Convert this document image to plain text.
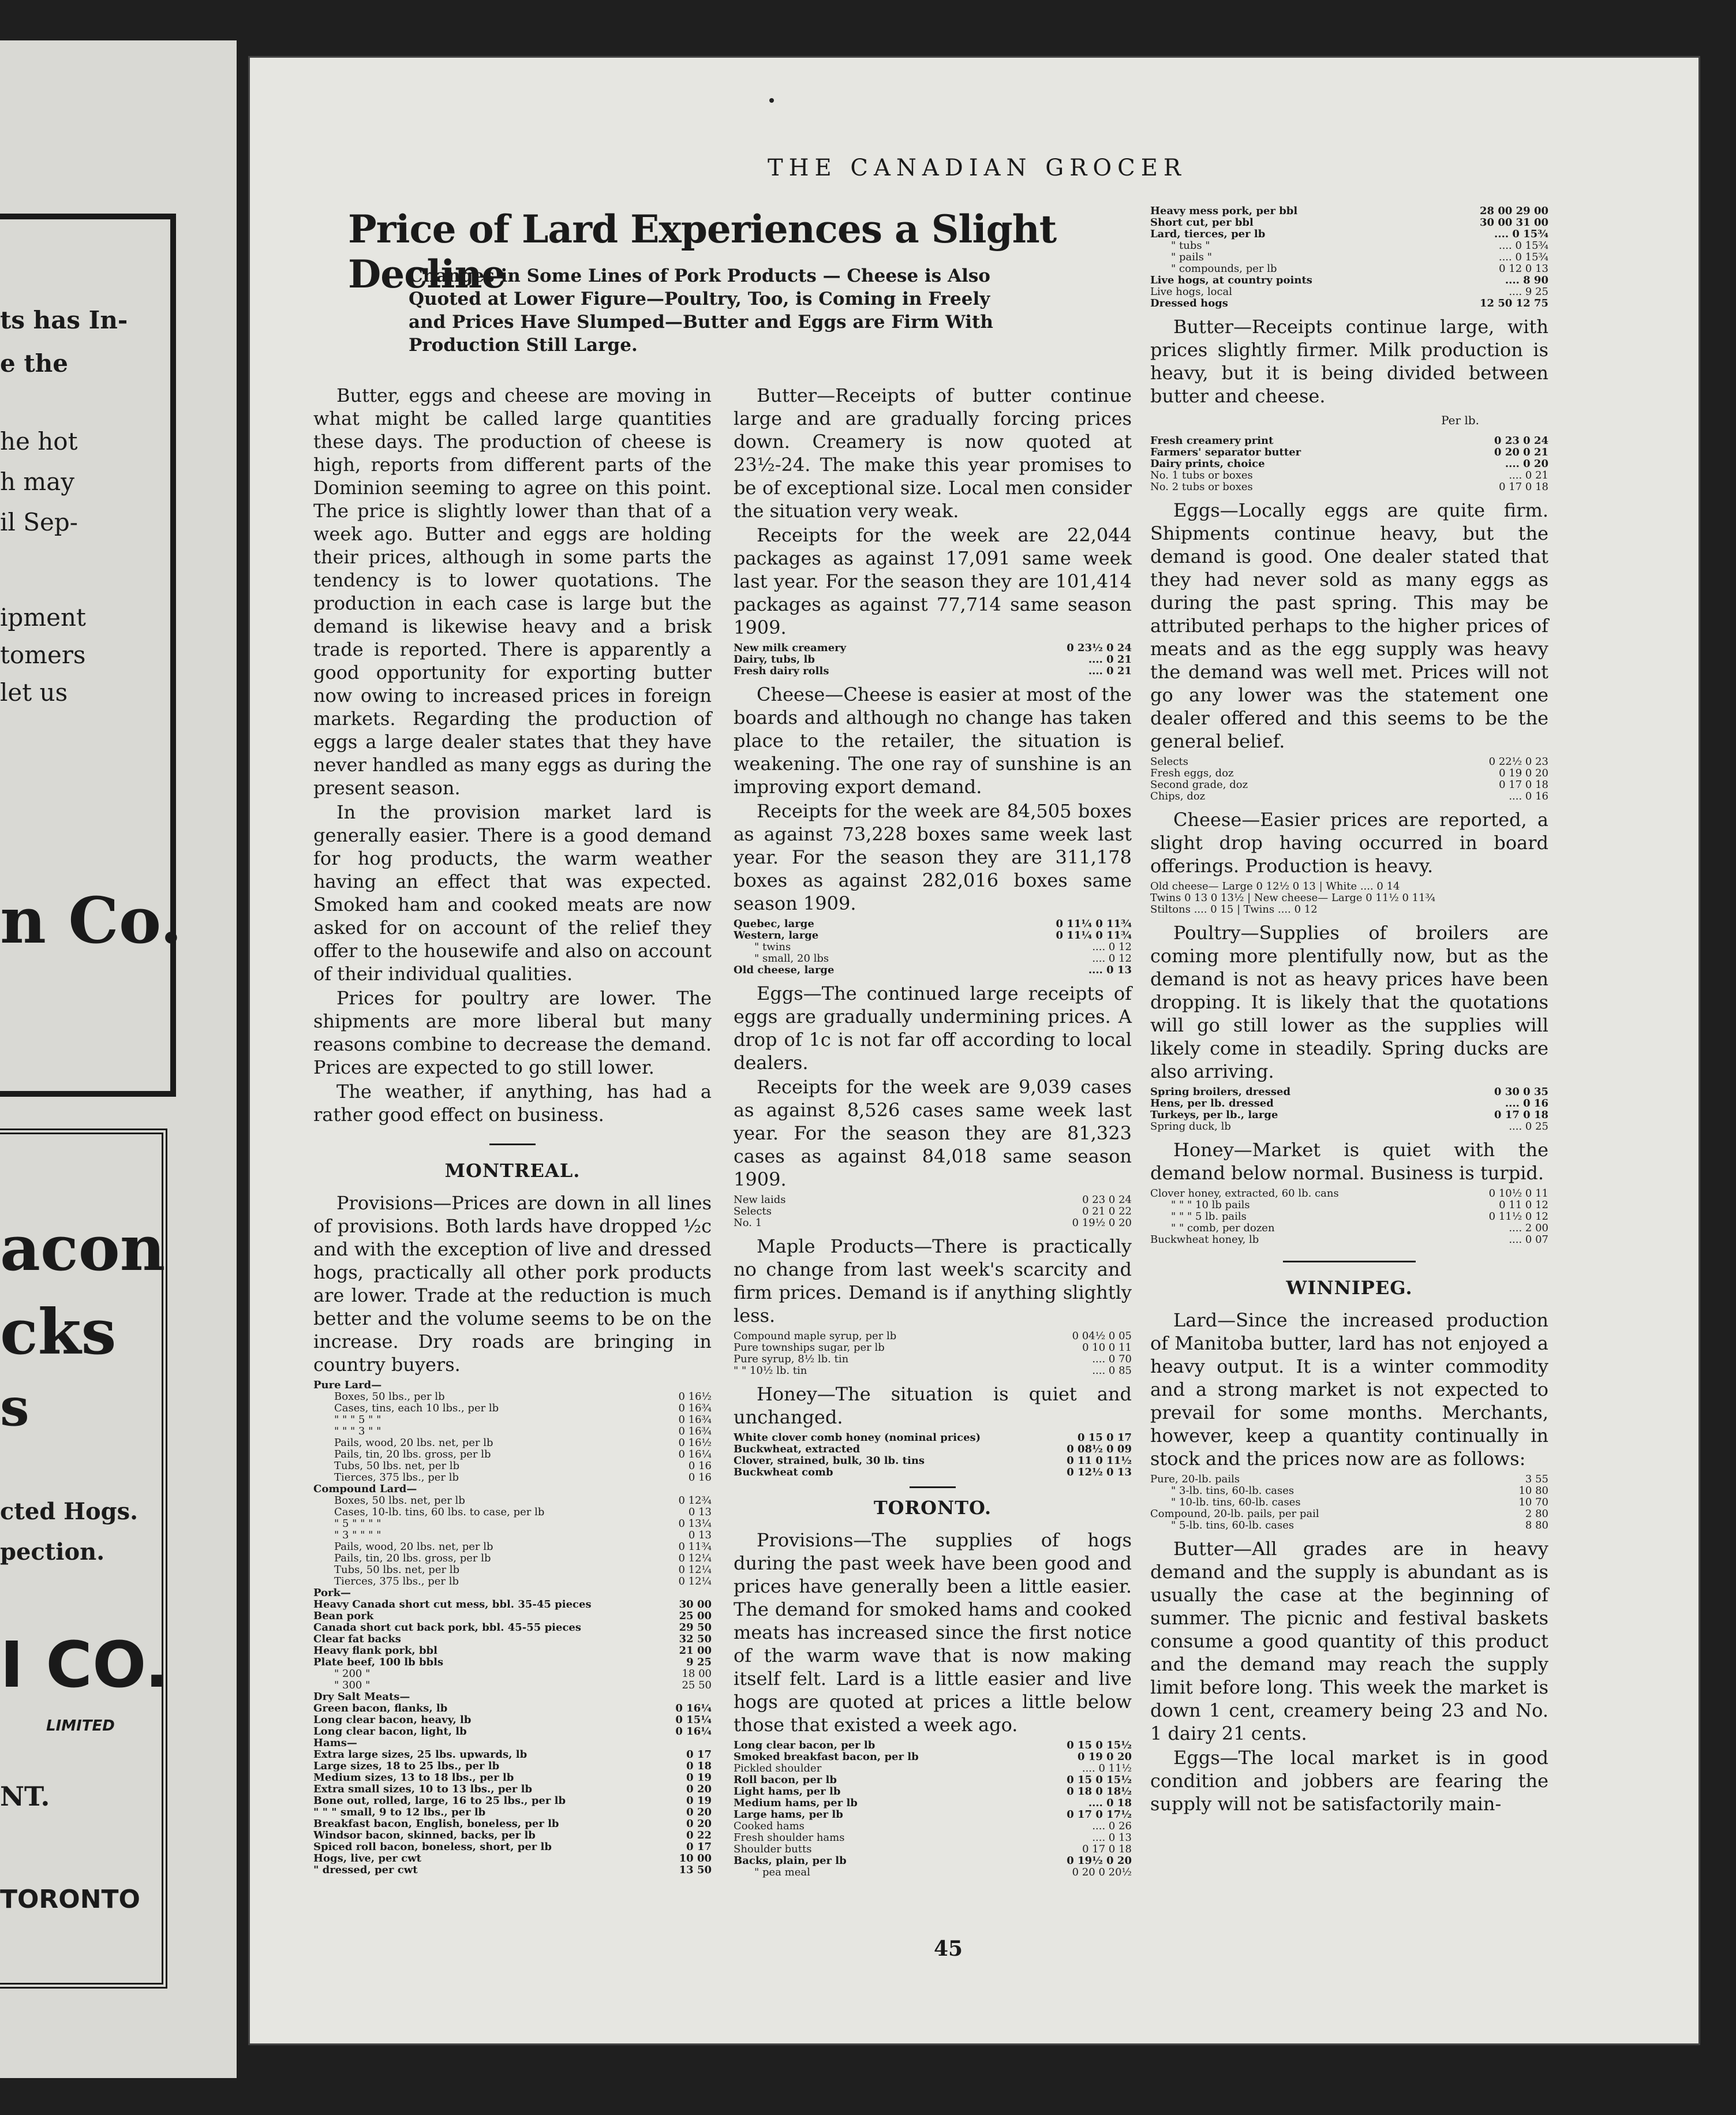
ts has In-
e the
he hot
h may
il Sep-
ipment
tomers
let us
n Co.
acon
cks
s
cted Hogs.
pection.
I CO.
LIMITED
NT.
TORONTO
THE CANADIAN GROCER
Price of Lard Experiences a Slight Decline
Changes in Some Lines of Pork Products — Cheese is Also Quoted at Lower Figure—Poultry, Too, is Coming in Freely and Prices Have Slumped—Butter and Eggs are Firm With Production Still Large.

Butter, eggs and cheese are moving in what might be called large quantities these days. The production of cheese is high, reports from different parts of the Dominion seeming to agree on this point. The price is slightly lower than that of a week ago. Butter and eggs are holding their prices, although in some parts the tendency is to lower quotations. The production in each case is large but the demand is likewise heavy and a brisk trade is reported. There is apparently a good opportunity for exporting butter now owing to increased prices in foreign markets. Regarding the production of eggs a large dealer states that they have never handled as many eggs as during the present season.

In the provision market lard is generally easier. There is a good demand for hog products, the warm weather having an effect that was expected. Smoked ham and cooked meats are now asked for on account of the relief they offer to the housewife and also on account of their individual qualities.

Prices for poultry are lower. The shipments are more liberal but many reasons combine to decrease the demand. Prices are expected to go still lower.

The weather, if anything, has had a rather good effect on business.

MONTREAL.

Provisions—Prices are down in all lines of provisions. Both lards have dropped ½c and with the exception of live and dressed hogs, practically all other pork products are lower. Trade at the reduction is much better and the volume seems to be on the increase. Dry roads are bringing in country buyers.

Pure Lard—	
Boxes, 50 lbs., per lb	0 16½
Cases, tins, each 10 lbs., per lb	0 16¾
" " " 5 " "	0 16¾
" " " 3 " "	0 16¾
Pails, wood, 20 lbs. net, per lb	0 16½
Pails, tin, 20 lbs. gross, per lb	0 16¼
Tubs, 50 lbs. net, per lb	0 16
Tierces, 375 lbs., per lb	0 16
Compound Lard—	
Boxes, 50 lbs. net, per lb	0 12¾
Cases, 10-lb. tins, 60 lbs. to case, per lb	0 13
" 5 " " " "	0 13¼
" 3 " " " "	0 13
Pails, wood, 20 lbs. net, per lb	0 11¾
Pails, tin, 20 lbs. gross, per lb	0 12¼
Tubs, 50 lbs. net, per lb	0 12¼
Tierces, 375 lbs., per lb	0 12¼
Pork—	
Heavy Canada short cut mess, bbl. 35-45 pieces	30 00
Bean pork	25 00
Canada short cut back pork, bbl. 45-55 pieces	29 50
Clear fat backs	32 50
Heavy flank pork, bbl	21 00
Plate beef, 100 lb bbls	9 25
" 200 "	18 00
" 300 "	25 50
Dry Salt Meats—	
Green bacon, flanks, lb	0 16¼
Long clear bacon, heavy, lb	0 15¼
Long clear bacon, light, lb	0 16¼
Hams—	
Extra large sizes, 25 lbs. upwards, lb	0 17
Large sizes, 18 to 25 lbs., per lb	0 18
Medium sizes, 13 to 18 lbs., per lb	0 19
Extra small sizes, 10 to 13 lbs., per lb	0 20
Bone out, rolled, large, 16 to 25 lbs., per lb	0 19
" " " small, 9 to 12 lbs., per lb	0 20
Breakfast bacon, English, boneless, per lb	0 20
Windsor bacon, skinned, backs, per lb	0 22
Spiced roll bacon, boneless, short, per lb	0 17
Hogs, live, per cwt	10 00
" dressed, per cwt	13 50

Butter—Receipts of butter continue large and are gradually forcing prices down. Creamery is now quoted at 23½-24. The make this year promises to be of exceptional size. Local men consider the situation very weak.

Receipts for the week are 22,044 packages as against 17,091 same week last year. For the season they are 101,414 packages as against 77,714 same season 1909.

New milk creamery	0 23½ 0 24
Dairy, tubs, lb	.... 0 21
Fresh dairy rolls	.... 0 21

Cheese—Cheese is easier at most of the boards and although no change has taken place to the retailer, the situation is weakening. The one ray of sunshine is an improving export demand.

Receipts for the week are 84,505 boxes as against 73,228 boxes same week last year. For the season they are 311,178 boxes as against 282,016 boxes same season 1909.

Quebec, large	0 11¼ 0 11¾
Western, large	0 11¼ 0 11¾
" twins	.... 0 12
" small, 20 lbs	.... 0 12
Old cheese, large	.... 0 13

Eggs—The continued large receipts of eggs are gradually undermining prices. A drop of 1c is not far off according to local dealers.

Receipts for the week are 9,039 cases as against 8,526 cases same week last year. For the season they are 81,323 cases as against 84,018 same season 1909.

New laids	0 23 0 24
Selects	0 21 0 22
No. 1	0 19½ 0 20

Maple Products—There is practically no change from last week's scarcity and firm prices. Demand is if anything slightly less.

Compound maple syrup, per lb	0 04½ 0 05
Pure townships sugar, per lb	0 10 0 11
Pure syrup, 8½ lb. tin	.... 0 70
" " 10½ lb. tin	.... 0 85

Honey—The situation is quiet and unchanged.

White clover comb honey (nominal prices)	0 15 0 17
Buckwheat, extracted	0 08½ 0 09
Clover, strained, bulk, 30 lb. tins	0 11 0 11½
Buckwheat comb	0 12½ 0 13
TORONTO.

Provisions—The supplies of hogs during the past week have been good and prices have generally been a little easier. The demand for smoked hams and cooked meats has increased since the first notice of the warm wave that is now making itself felt. Lard is a little easier and live hogs are quoted at prices a little below those that existed a week ago.

Long clear bacon, per lb	0 15 0 15½
Smoked breakfast bacon, per lb	0 19 0 20
Pickled shoulder	.... 0 11½
Roll bacon, per lb	0 15 0 15½
Light hams, per lb	0 18 0 18½
Medium hams, per lb	.... 0 18
Large hams, per lb	0 17 0 17½
Cooked hams	.... 0 26
Fresh shoulder hams	.... 0 13
Shoulder butts	0 17 0 18
Backs, plain, per lb	0 19½ 0 20
" pea meal	0 20 0 20½
Heavy mess pork, per bbl	28 00 29 00
Short cut, per bbl	30 00 31 00
Lard, tierces, per lb	.... 0 15¾
" tubs "	.... 0 15¾
" pails "	.... 0 15¾
" compounds, per lb	0 12 0 13
Live hogs, at country points	.... 8 90
Live hogs, local	.... 9 25
Dressed hogs	12 50 12 75

Butter—Receipts continue large, with prices slightly firmer. Milk production is heavy, but it is being divided between butter and cheese.

Per lb.
Fresh creamery print	0 23 0 24
Farmers' separator butter	0 20 0 21
Dairy prints, choice	.... 0 20
No. 1 tubs or boxes	.... 0 21
No. 2 tubs or boxes	0 17 0 18

Eggs—Locally eggs are quite firm. Shipments continue heavy, but the demand is good. One dealer stated that they had never sold as many eggs as during the past spring. This may be attributed perhaps to the higher prices of meats and as the egg supply was heavy the demand was well met. Prices will not go any lower was the statement one dealer offered and this seems to be the general belief.

Selects	0 22½ 0 23
Fresh eggs, doz	0 19 0 20
Second grade, doz	0 17 0 18
Chips, doz	.... 0 16

Cheese—Easier prices are reported, a slight drop having occurred in board offerings. Production is heavy.

Old cheese— Large 0 12½ 0 13 | White .... 0 14
Twins 0 13 0 13½ | New cheese— Large 0 11½ 0 11¾
Stiltons .... 0 15 | Twins .... 0 12

Poultry—Supplies of broilers are coming more plentifully now, but as the demand is not as heavy prices have been dropping. It is likely that the quotations will go still lower as the supplies will likely come in steadily. Spring ducks are also arriving.

Spring broilers, dressed	0 30 0 35
Hens, per lb. dressed	.... 0 16
Turkeys, per lb., large	0 17 0 18
Spring duck, lb	.... 0 25

Honey—Market is quiet with the demand below normal. Business is turpid.

Clover honey, extracted, 60 lb. cans	0 10½ 0 11
" " " 10 lb pails	0 11 0 12
" " " 5 lb. pails	0 11½ 0 12
" " comb, per dozen	.... 2 00
Buckwheat honey, lb	.... 0 07
WINNIPEG.

Lard—Since the increased production of Manitoba butter, lard has not enjoyed a heavy output. It is a winter commodity and a strong market is not expected to prevail for some months. Merchants, however, keep a quantity continually in stock and the prices now are as follows:

Pure, 20-lb. pails	3 55
" 3-lb. tins, 60-lb. cases	10 80
" 10-lb. tins, 60-lb. cases	10 70
Compound, 20-lb. pails, per pail	2 80
" 5-lb. tins, 60-lb. cases	8 80

Butter—All grades are in heavy demand and the supply is abundant as is usually the case at the beginning of summer. The picnic and festival baskets consume a good quantity of this product and the demand may reach the supply limit before long. This week the market is down 1 cent, creamery being 23 and No. 1 dairy 21 cents.

Eggs—The local market is in good condition and jobbers are fearing the supply will not be satisfactorily main-

45
